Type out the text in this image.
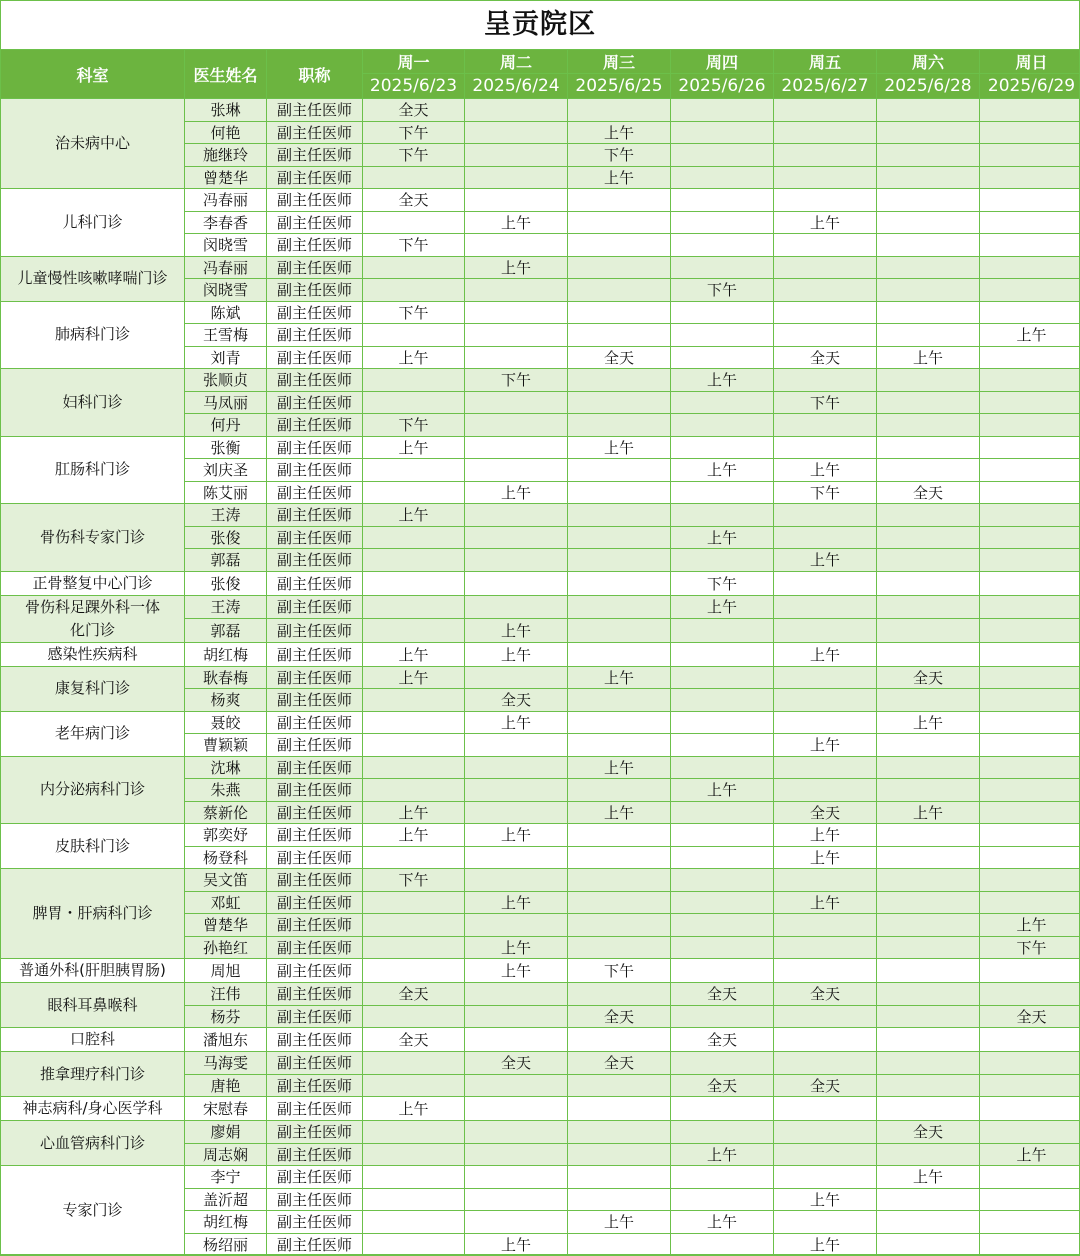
呈贡院区
科室	医生姓名	职称	周一	周二	周三	周四	周五	周六	周日
			2025/6/23	2025/6/24	2025/6/25	2025/6/26	2025/6/27	2025/6/28	2025/6/29
治未病中心	张琳	副主任医师	全天						
	何艳	副主任医师	下午		上午				
	施继玲	副主任医师	下午		下午				
	曾楚华	副主任医师			上午				
儿科门诊	冯春丽	副主任医师	全天						
	李春香	副主任医师		上午			上午		
	闵晓雪	副主任医师	下午						
儿童慢性咳嗽哮喘门诊	冯春丽	副主任医师		上午					
	闵晓雪	副主任医师				下午			
肺病科门诊	陈斌	副主任医师	下午						
	王雪梅	副主任医师							上午
	刘青	副主任医师	上午		全天		全天	上午	
妇科门诊	张顺贞	副主任医师		下午		上午			
	马凤丽	副主任医师					下午		
	何丹	副主任医师	下午						
肛肠科门诊	张衡	副主任医师	上午		上午				
	刘庆圣	副主任医师				上午	上午		
	陈艾丽	副主任医师		上午			下午	全天	
骨伤科专家门诊	王涛	副主任医师	上午						
	张俊	副主任医师				上午			
	郭磊	副主任医师					上午		
正骨整复中心门诊	张俊	副主任医师				下午			
骨伤科足踝外科一体化门诊	王涛	副主任医师				上午			
	郭磊	副主任医师		上午					
感染性疾病科	胡红梅	副主任医师	上午	上午			上午		
康复科门诊	耿春梅	副主任医师	上午		上午			全天	
	杨爽	副主任医师		全天					
老年病门诊	聂皎	副主任医师		上午				上午	
	曹颖颖	副主任医师					上午		
内分泌病科门诊	沈琳	副主任医师			上午				
	朱燕	副主任医师				上午			
	蔡新伦	副主任医师	上午		上午		全天	上午	
皮肤科门诊	郭奕妤	副主任医师	上午	上午			上午		
	杨登科	副主任医师					上午		
脾胃・肝病科门诊	吴文笛	副主任医师	下午						
	邓虹	副主任医师		上午			上午		
	曾楚华	副主任医师							上午
	孙艳红	副主任医师		上午					下午
普通外科(肝胆胰胃肠)	周旭	副主任医师		上午	下午				
眼科耳鼻喉科	汪伟	副主任医师	全天			全天	全天		
	杨芬	副主任医师			全天				全天
口腔科	潘旭东	副主任医师	全天			全天			
推拿理疗科门诊	马海雯	副主任医师		全天	全天				
	唐艳	副主任医师				全天	全天		
神志病科/身心医学科	宋慰春	副主任医师	上午						
心血管病科门诊	廖娟	副主任医师						全天	
	周志娴	副主任医师				上午			上午
专家门诊	李宁	副主任医师						上午	
	盖沂超	副主任医师					上午		
	胡红梅	副主任医师			上午	上午			
	杨绍丽	副主任医师		上午			上午		
